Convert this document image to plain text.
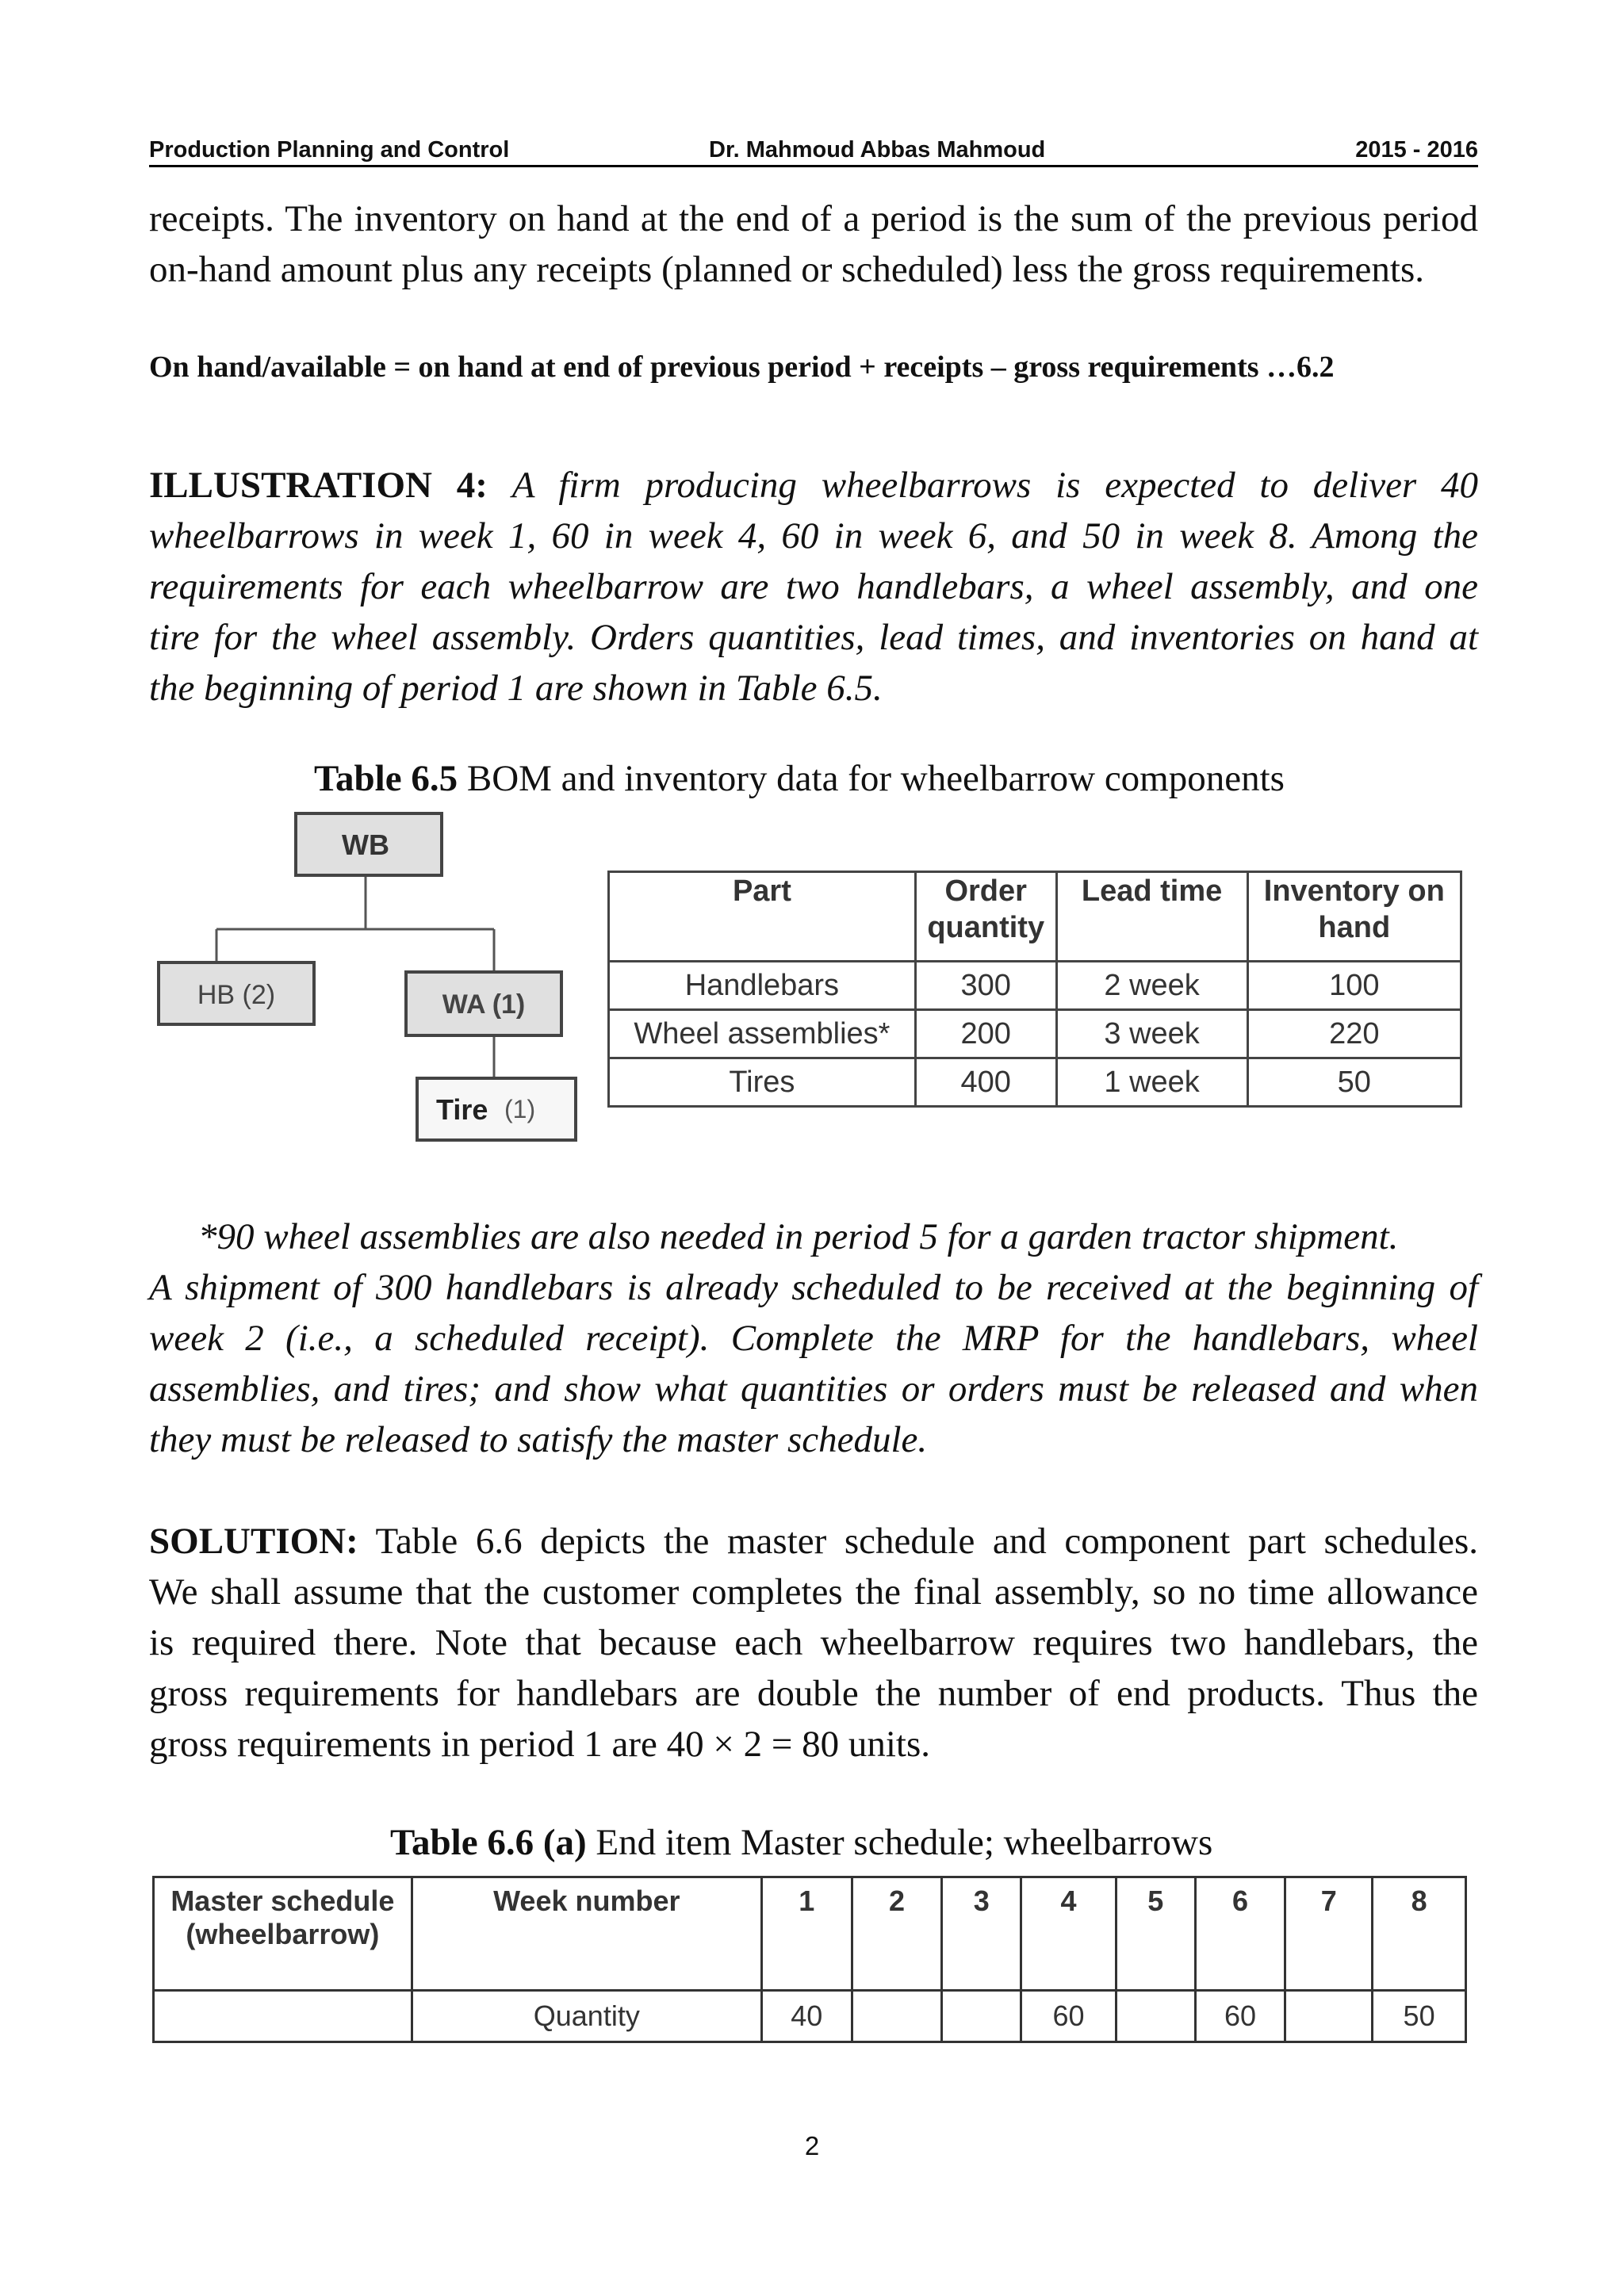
Production Planning and Control	Dr. Mahmoud Abbas Mahmoud	2015 - 2016
receipts. The inventory on hand at the end of a period is the sum of the previous period
on-hand amount plus any receipts (planned or scheduled) less the gross requirements.
On hand/available = on hand at end of previous period + receipts – gross requirements …6.2
ILLUSTRATION 4: A firm producing wheelbarrows is expected to deliver 40
wheelbarrows in week 1, 60 in week 4, 60 in week 6, and 50 in week 8. Among the
requirements for each wheelbarrow are two handlebars, a wheel assembly, and one
tire for the wheel assembly. Orders quantities, lead times, and inventories on hand at
the beginning of period 1 are shown in Table 6.5.
Table 6.5 BOM and inventory data for wheelbarrow components
WB
HB (2)	WA (1)
Tire (1)
Part	Order quantity	Lead time	Inventory on hand
Handlebars	300	2 week	100
Wheel assemblies*	200	3 week	220
Tires	400	1 week	50
*90 wheel assemblies are also needed in period 5 for a garden tractor shipment.
A shipment of 300 handlebars is already scheduled to be received at the beginning of
week 2 (i.e., a scheduled receipt). Complete the MRP for the handlebars, wheel
assemblies, and tires; and show what quantities or orders must be released and when
they must be released to satisfy the master schedule.
SOLUTION: Table 6.6 depicts the master schedule and component part schedules.
We shall assume that the customer completes the final assembly, so no time allowance
is required there. Note that because each wheelbarrow requires two handlebars, the
gross requirements for handlebars are double the number of end products. Thus the
gross requirements in period 1 are 40 × 2 = 80 units.
Table 6.6 (a) End item Master schedule; wheelbarrows
Master schedule (wheelbarrow)	Week number	1	2	3	4	5	6	7	8
	Quantity	40			60		60		50
2
